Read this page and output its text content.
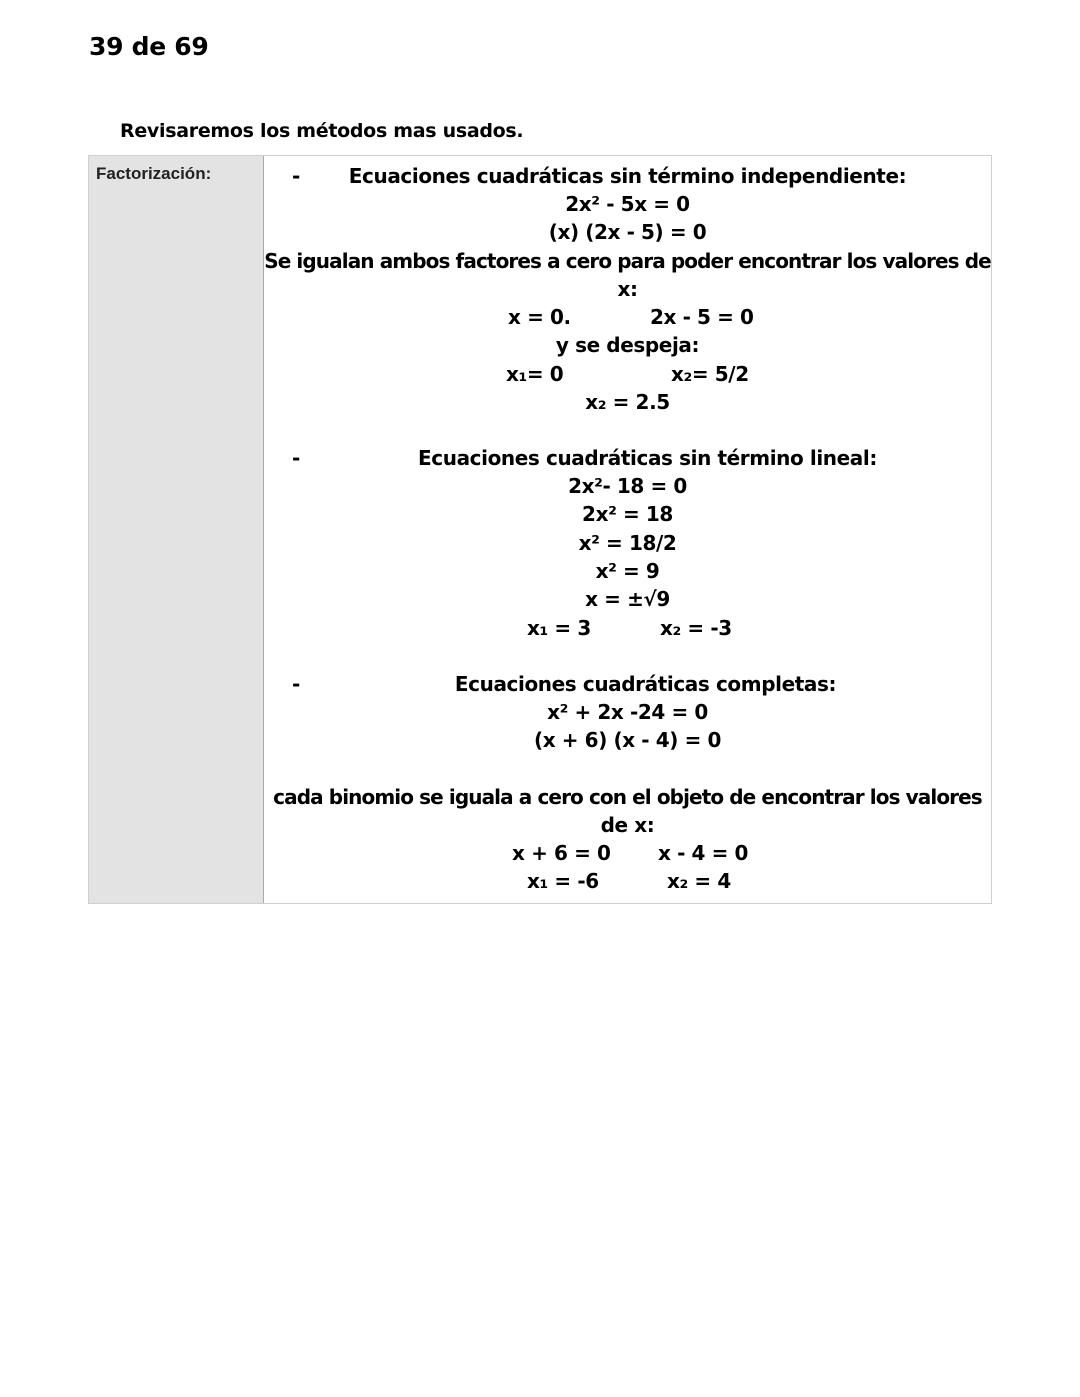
39 de 69
Revisaremos los métodos mas usados.
Factorización:	-	Ecuaciones cuadráticas sin término independiente:
2x² - 5x = 0
(x) (2x - 5) = 0
Se igualan ambos factores a cero para poder encontrar los valores de
x:
x = 0.	2x - 5 = 0
y se despeja:
x₁= 0	x₂= 5/2
x₂ = 2.5
-	Ecuaciones cuadráticas sin término lineal:
2x²- 18 = 0
2x² = 18
x² = 18/2
x² = 9
x = ±√9
x₁ = 3	x₂ = -3
-	Ecuaciones cuadráticas completas:
x² + 2x -24 = 0
(x + 6) (x - 4) = 0
cada binomio se iguala a cero con el objeto de encontrar los valores
de x:
x + 6 = 0 x - 4 = 0
x₁ = -6	x₂ = 4
